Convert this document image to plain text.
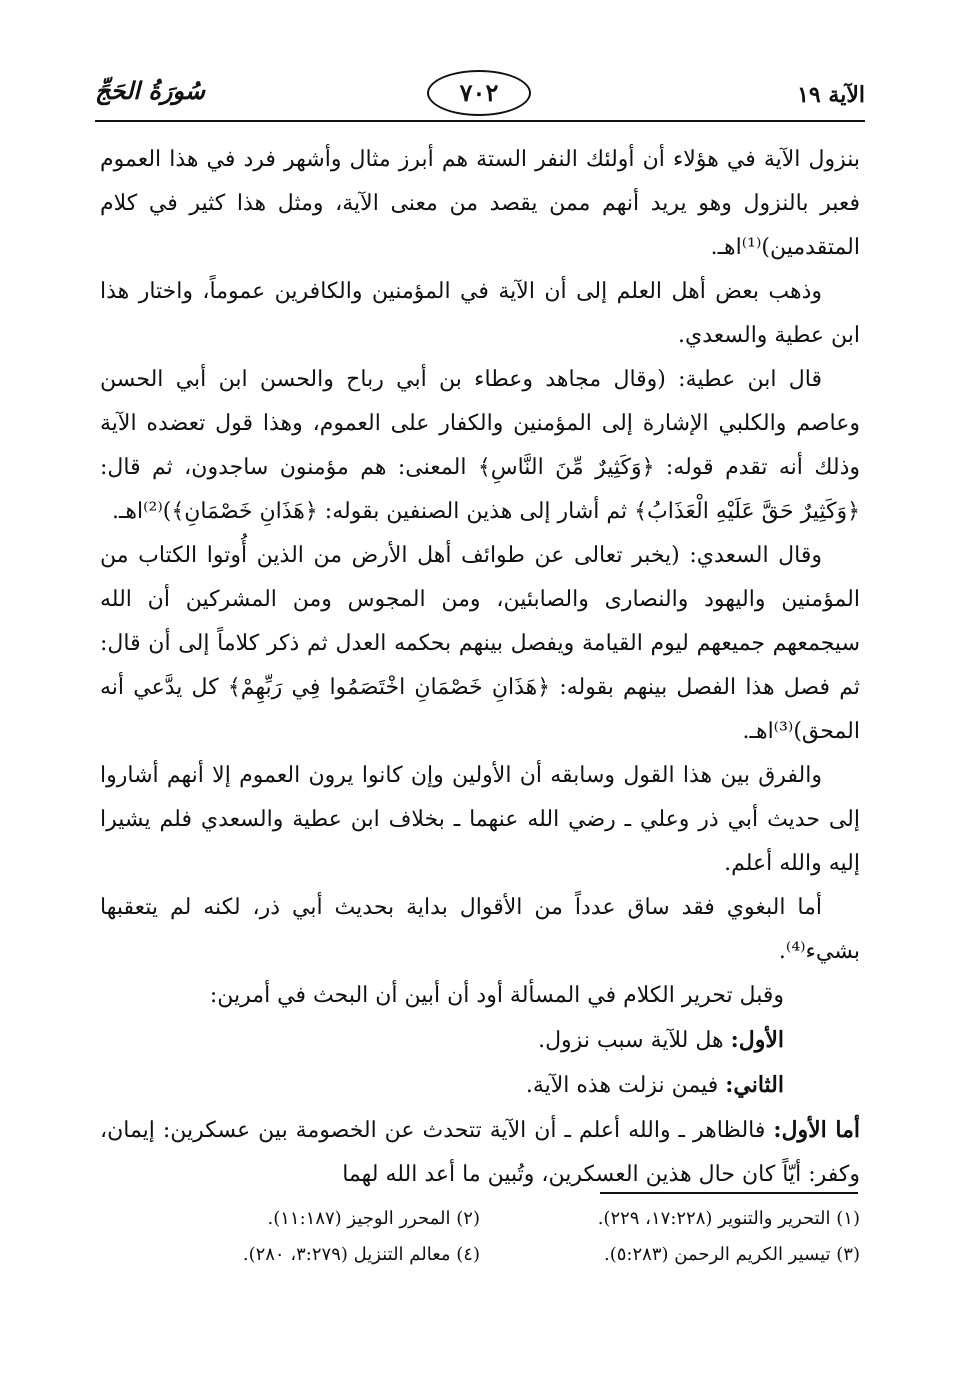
الآية ١٩
٧٠٢
سُورَةُ الحَجِّ

بنزول الآية في هؤلاء أن أولئك النفر الستة هم أبرز مثال وأشهر فرد في هذا العموم فعبر بالنزول وهو يريد أنهم ممن يقصد من معنى الآية، ومثل هذا كثير في كلام المتقدمين)⁽¹⁾اهـ.

وذهب بعض أهل العلم إلى أن الآية في المؤمنين والكافرين عموماً، واختار هذا ابن عطية والسعدي.

قال ابن عطية: (وقال مجاهد وعطاء بن أبي رباح والحسن ابن أبي الحسن وعاصم والكلبي الإشارة إلى المؤمنين والكفار على العموم، وهذا قول تعضده الآية وذلك أنه تقدم قوله: ﴿وَكَثِيرٌ مِّنَ النَّاسِ﴾ المعنى: هم مؤمنون ساجدون، ثم قال: ﴿وَكَثِيرٌ حَقَّ عَلَيْهِ الْعَذَابُ﴾ ثم أشار إلى هذين الصنفين بقوله: ﴿هَذَانِ خَصْمَانِ﴾)⁽²⁾اهـ.

وقال السعدي: (يخبر تعالى عن طوائف أهل الأرض من الذين أُوتوا الكتاب من المؤمنين واليهود والنصارى والصابئين، ومن المجوس ومن المشركين أن الله سيجمعهم جميعهم ليوم القيامة ويفصل بينهم بحكمه العدل ثم ذكر كلاماً إلى أن قال: ثم فصل هذا الفصل بينهم بقوله: ﴿هَذَانِ خَصْمَانِ اخْتَصَمُوا فِي رَبِّهِمْ﴾ كل يدَّعي أنه المحق)⁽³⁾اهـ.

والفرق بين هذا القول وسابقه أن الأولين وإن كانوا يرون العموم إلا أنهم أشاروا إلى حديث أبي ذر وعلي ـ رضي الله عنهما ـ بخلاف ابن عطية والسعدي فلم يشيرا إليه والله أعلم.

أما البغوي فقد ساق عدداً من الأقوال بداية بحديث أبي ذر، لكنه لم يتعقبها بشيء⁽⁴⁾.

وقبل تحرير الكلام في المسألة أود أن أبين أن البحث في أمرين:

الأول: هل للآية سبب نزول.

الثاني: فيمن نزلت هذه الآية.

أما الأول: فالظاهر ـ والله أعلم ـ أن الآية تتحدث عن الخصومة بين عسكرين: إيمان، وكفر: أيّاً كان حال هذين العسكرين، وتُبين ما أعد الله لهما

(١) التحرير والتنوير (١٧:٢٢٨، ٢٢٩).
(٢) المحرر الوجيز (١١:١٨٧).
(٣) تيسير الكريم الرحمن (٥:٢٨٣).
(٤) معالم التنزيل (٣:٢٧٩، ٢٨٠).
